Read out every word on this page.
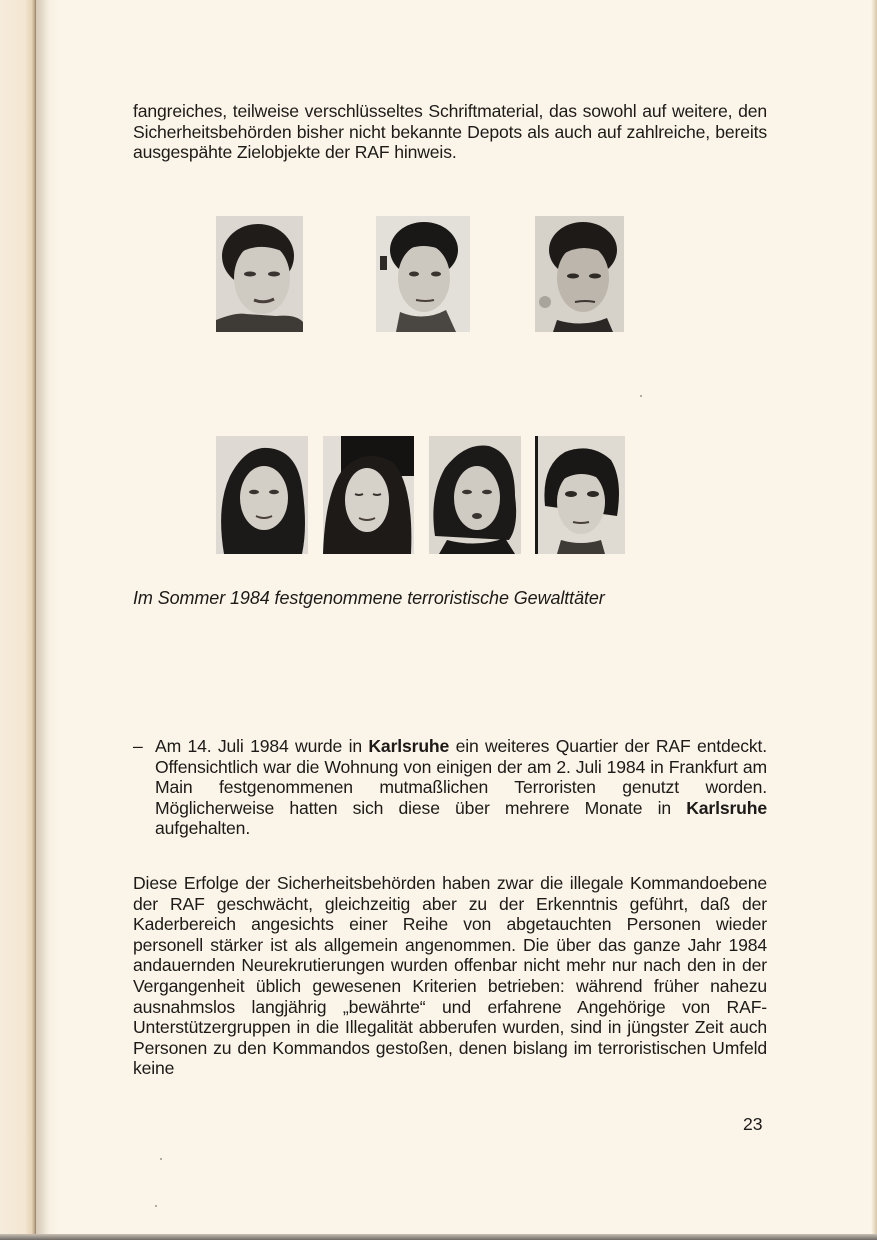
fangreiches, teilweise verschlüsseltes Schriftmaterial, das sowohl auf weitere, den Sicherheitsbehörden bisher nicht bekannte Depots als auch auf zahlreiche, bereits ausgespähte Zielobjekte der RAF hinweis.

Im Sommer 1984 festgenommene terroristische Gewalttäter
– Am 14. Juli 1984 wurde in Karlsruhe ein weiteres Quartier der RAF entdeckt. Offensichtlich war die Wohnung von einigen der am 2. Juli 1984 in Frankfurt am Main festgenommenen mutmaßlichen Terroristen genutzt worden. Möglicherweise hatten sich diese über mehrere Monate in Karlsruhe aufgehalten.

Diese Erfolge der Sicherheitsbehörden haben zwar die illegale Kommandoebene der RAF geschwächt, gleichzeitig aber zu der Erkenntnis geführt, daß der Kaderbereich angesichts einer Reihe von abgetauchten Personen wieder personell stärker ist als allgemein angenommen. Die über das ganze Jahr 1984 andauernden Neurekrutierungen wurden offenbar nicht mehr nur nach den in der Vergangenheit üblich gewesenen Kriterien betrieben: während früher nahezu ausnahmslos langjährig „bewährte“ und erfahrene Angehörige von RAF-Unterstützergruppen in die Illegalität abberufen wurden, sind in jüngster Zeit auch Personen zu den Kommandos gestoßen, denen bislang im terroristischen Umfeld keine

23
